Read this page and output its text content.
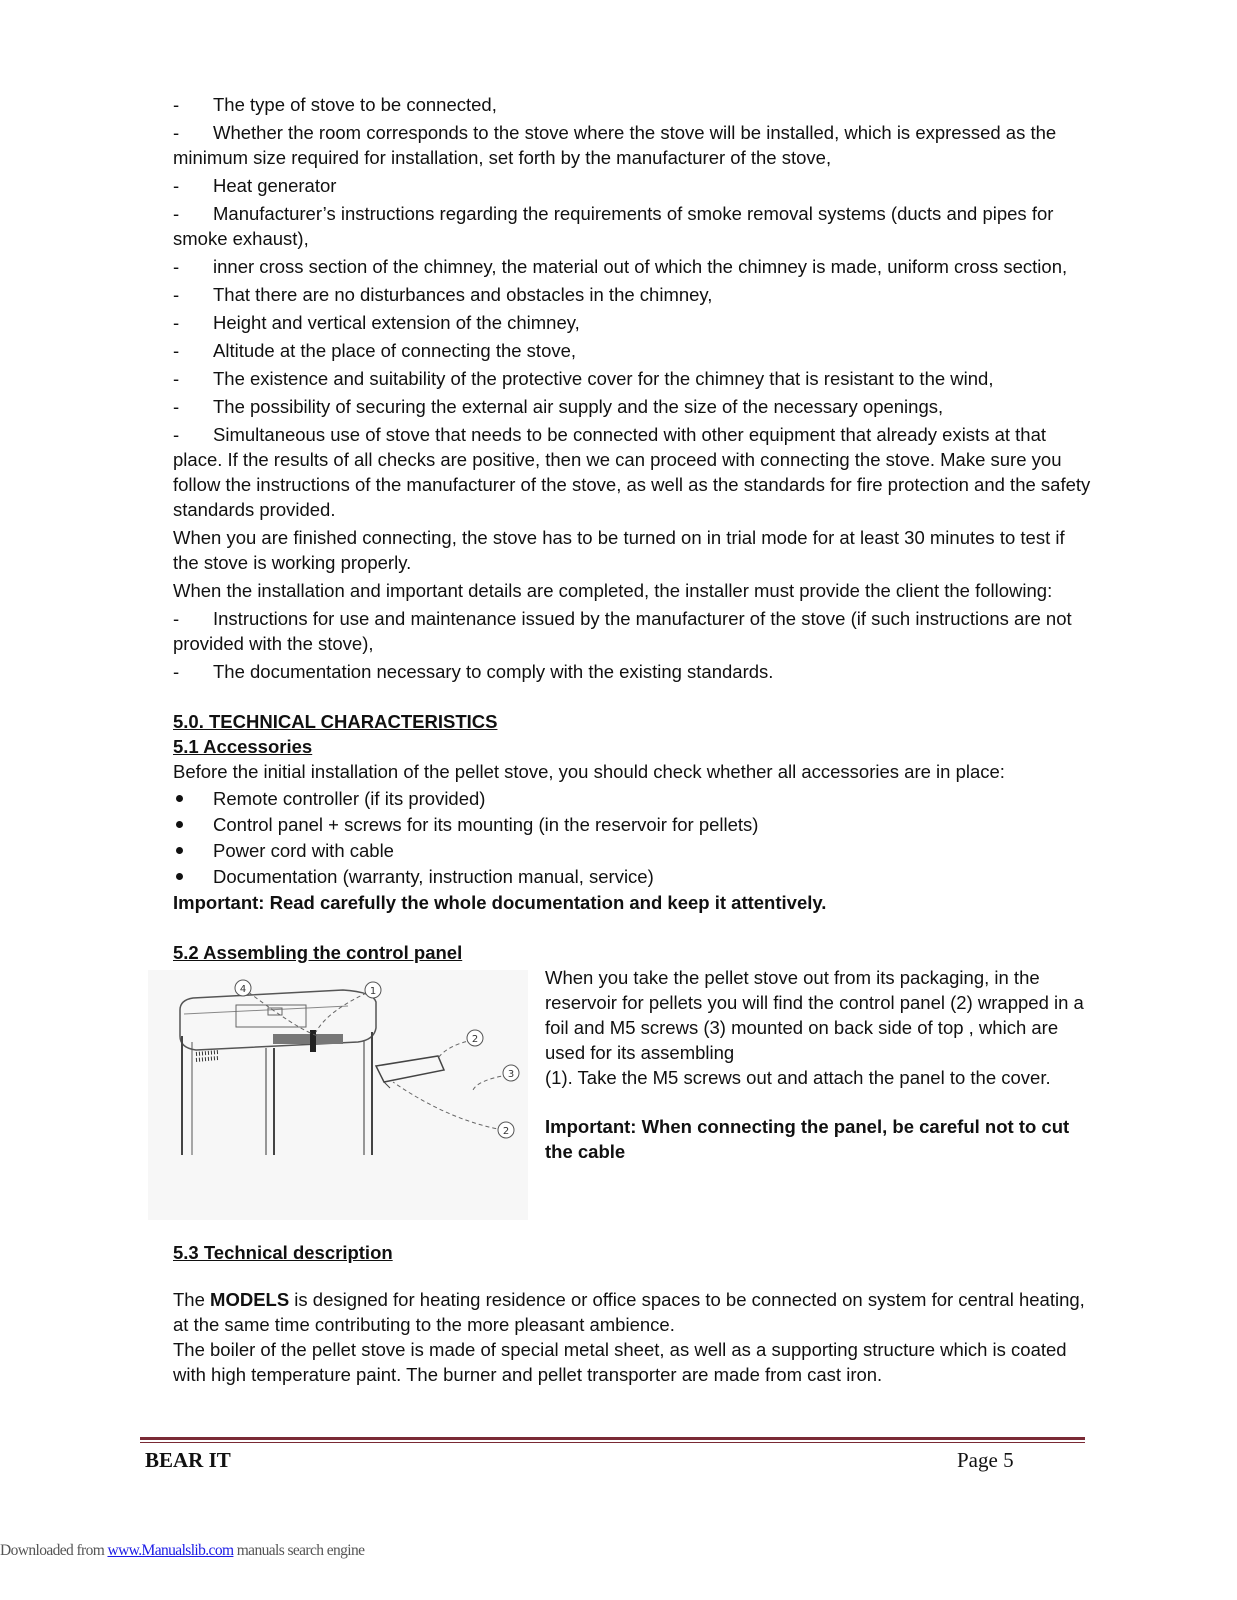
- The type of stove to be connected,
- Whether the room corresponds to the stove where the stove will be installed, which is expressed as the minimum size required for installation, set forth by the manufacturer of the stove,
- Heat generator
- Manufacturer’s instructions regarding the requirements of smoke removal systems (ducts and pipes for smoke exhaust),
- inner cross section of the chimney, the material out of which the chimney is made, uniform cross section,
- That there are no disturbances and obstacles in the chimney,
- Height and vertical extension of the chimney,
- Altitude at the place of connecting the stove,
- The existence and suitability of the protective cover for the chimney that is resistant to the wind,
- The possibility of securing the external air supply and the size of the necessary openings,
- Simultaneous use of stove that needs to be connected with other equipment that already exists at that place. If the results of all checks are positive, then we can proceed with connecting the stove. Make sure you follow the instructions of the manufacturer of the stove, as well as the standards for fire protection and the safety standards provided.

When you are finished connecting, the stove has to be turned on in trial mode for at least 30 minutes to test if the stove is working properly.

When the installation and important details are completed, the installer must provide the client the following:

- Instructions for use and maintenance issued by the manufacturer of the stove (if such instructions are not provided with the stove),
- The documentation necessary to comply with the existing standards.
5.0. TECHNICAL CHARACTERISTICS
5.1 Accessories

Before the initial installation of the pellet stove, you should check whether all accessories are in place:

Remote controller (if its provided)
Control panel + screws for its mounting (in the reservoir for pellets)
Power cord with cable
Documentation (warranty, instruction manual, service)

Important: Read carefully the whole documentation and keep it attentively.

5.2 Assembling the control panel
4	1
2
3
2

When you take the pellet stove out from its packaging, in the reservoir for pellets you will find the control panel (2) wrapped in a foil and M5 screws (3) mounted on back side of top , which are used for its assembling

(1). Take the M5 screws out and attach the panel to the cover.

Important: When connecting the panel, be careful not to cut the cable

5.3 Technical description

The MODELS is designed for heating residence or office spaces to be connected on system for central heating, at the same time contributing to the more pleasant ambience.

The boiler of the pellet stove is made of special metal sheet, as well as a supporting structure which is coated with high temperature paint. The burner and pellet transporter are made from cast iron.

BEAR IT	Page 5
Downloaded from www.Manualslib.com manuals search engine
